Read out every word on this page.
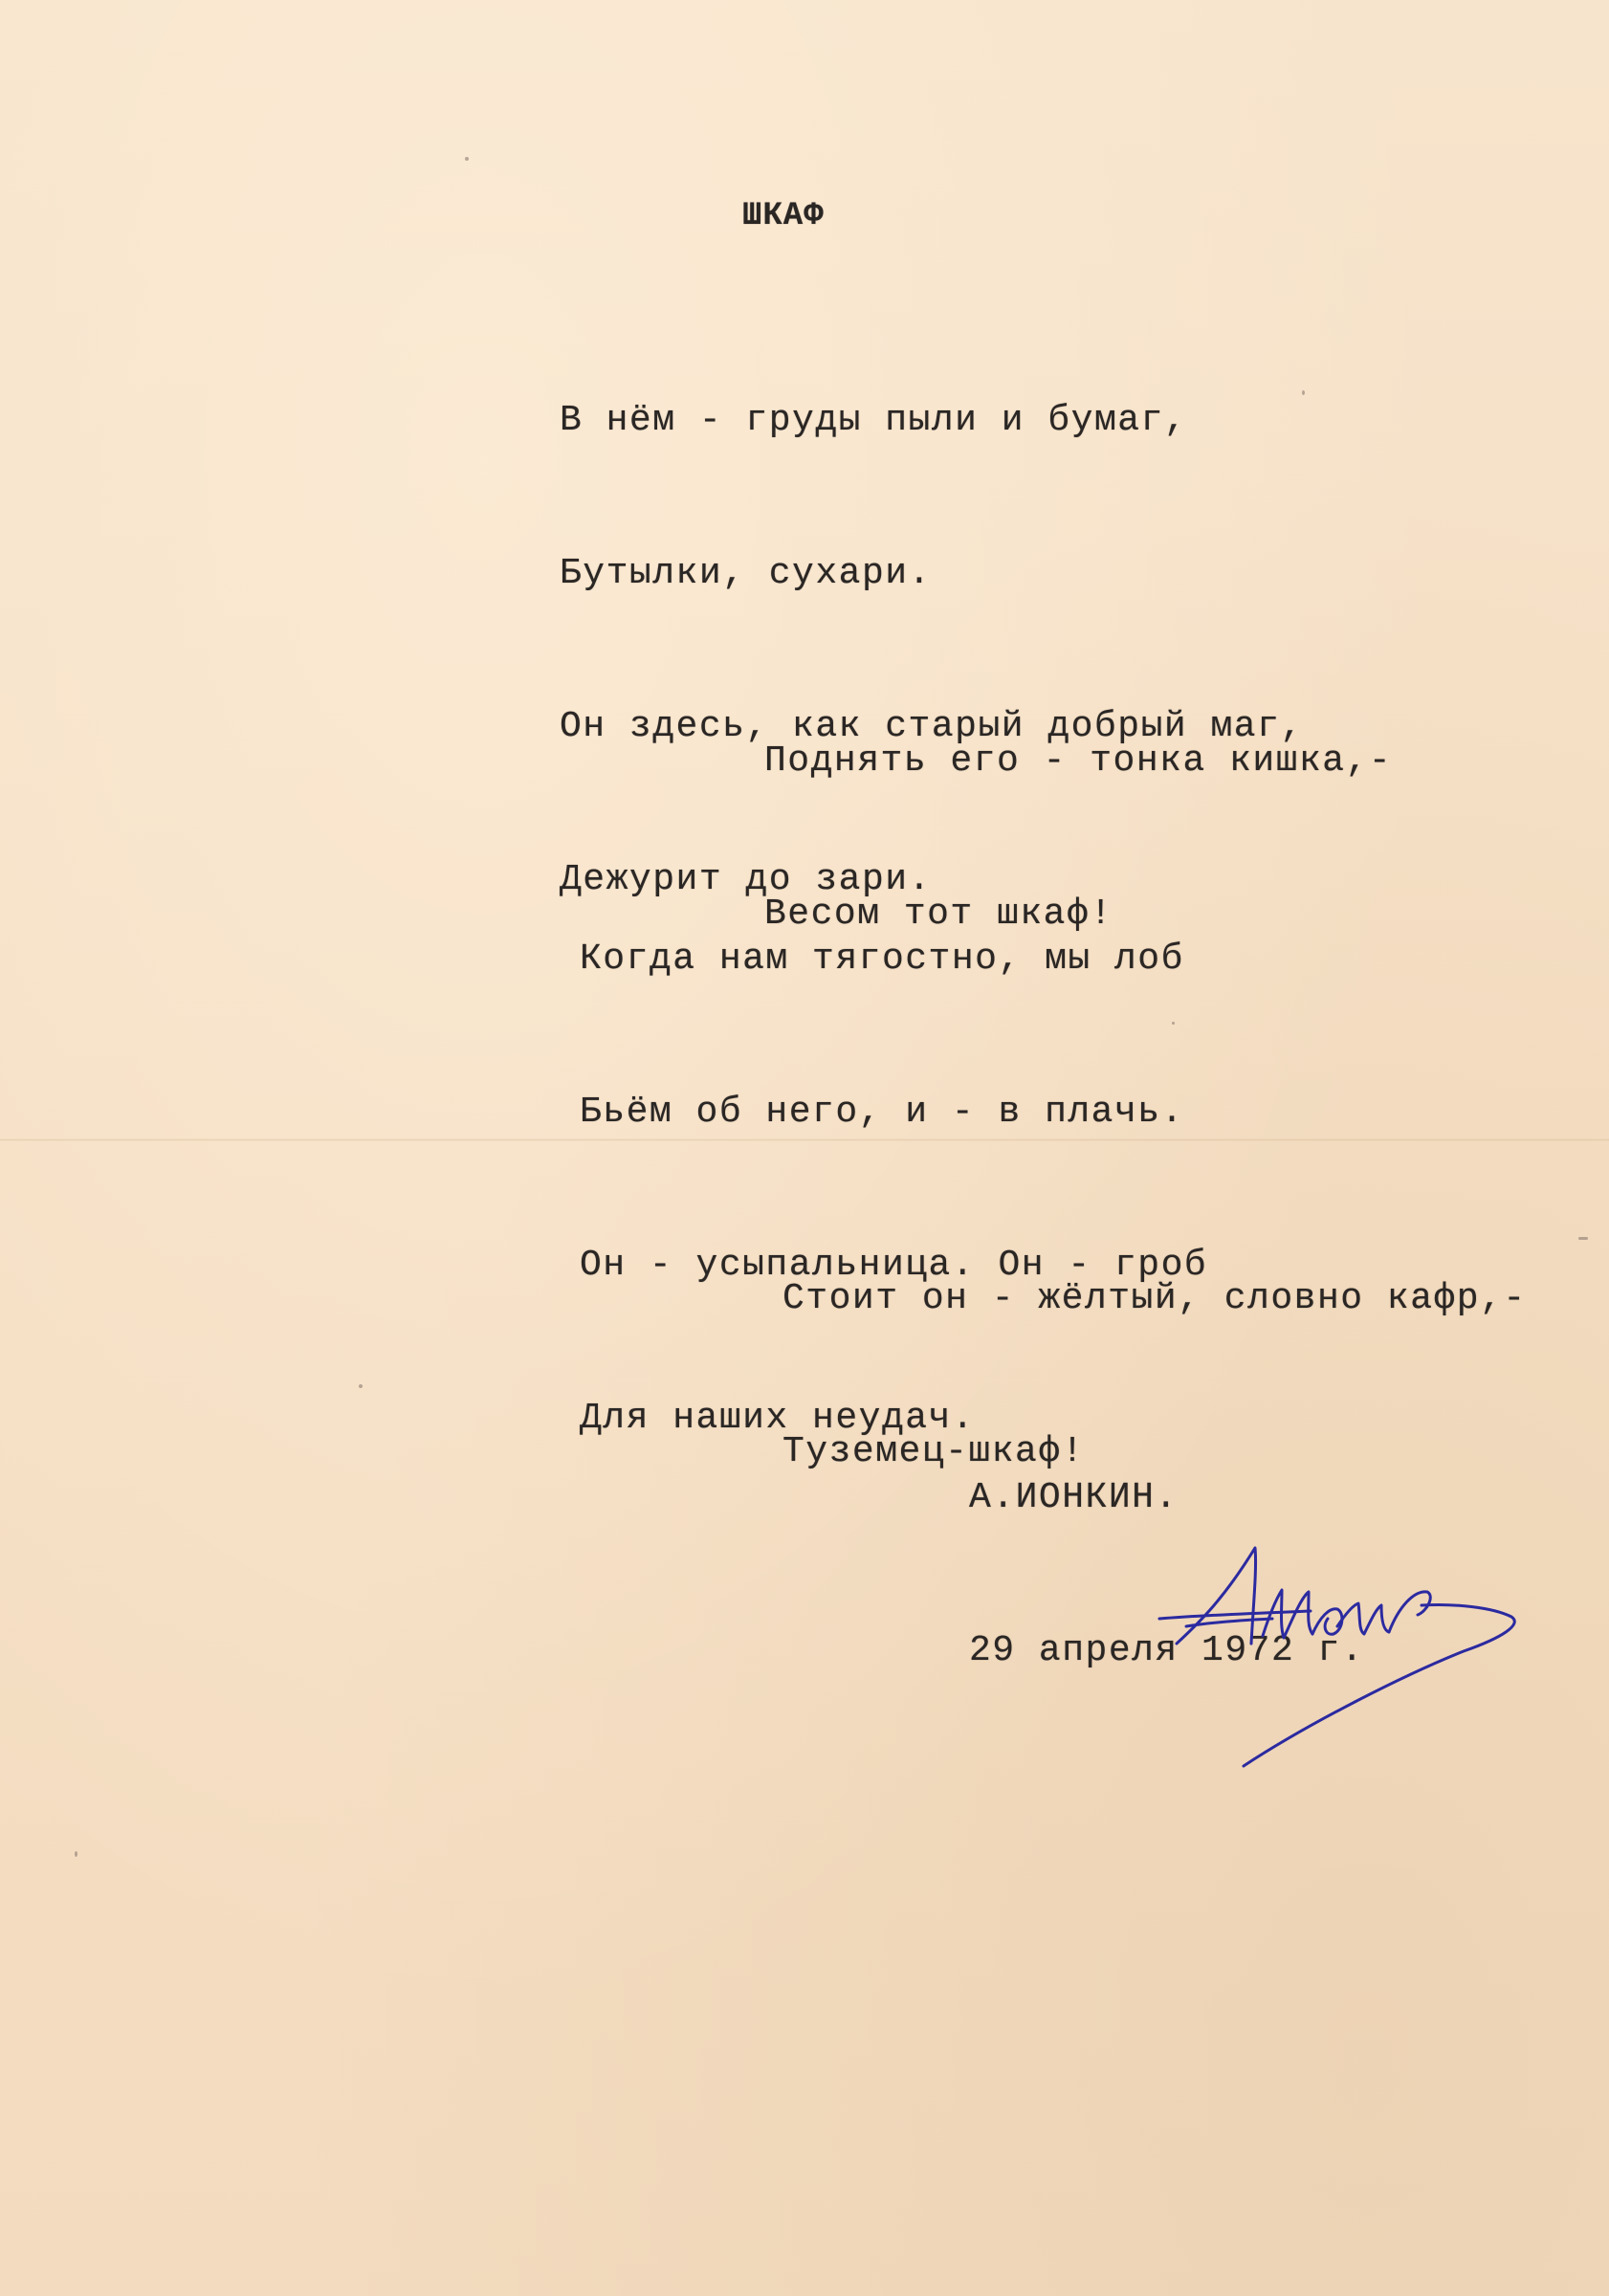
ШКАФ

В нём - груды пыли и бумаг,

Бутылки, сухари.

Он здесь, как старый добрый маг,

Дежурит до зари.

Поднять его - тонка кишка,-

Весом тот шкаф!

Когда нам тягостно, мы лоб

Бьём об него, и - в плачь.

Он - усыпальница. Он - гроб

Для наших неудач.

Стоит он - жёлтый, словно кафр,-

Туземец-шкаф!

А.ИОНКИН.

29 апреля 1972 г.
